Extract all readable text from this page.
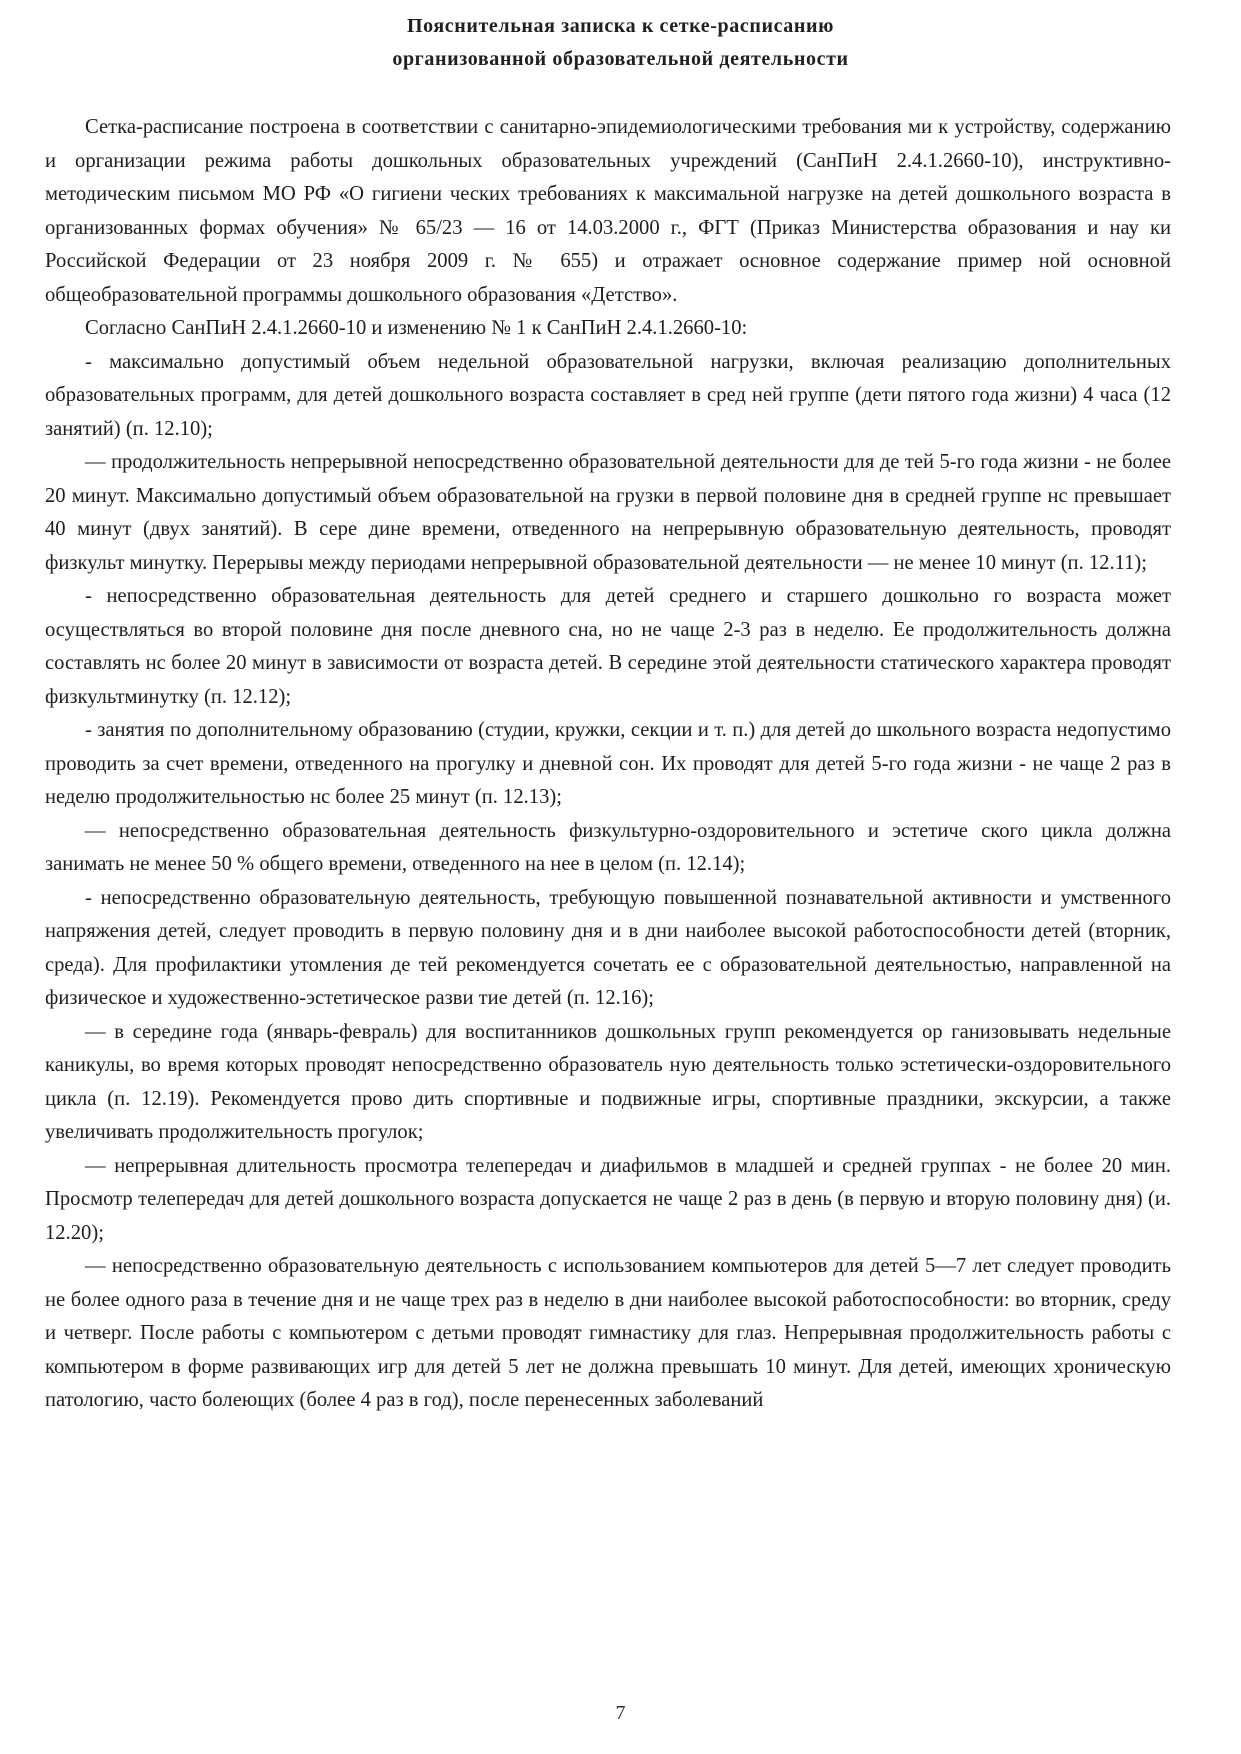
Пояснительная записка к сетке-расписанию
организованной образовательной деятельности

Сетка-расписание построена в соответствии с санитарно-эпидемиологическими требования ми к устройству, содержанию и организации режима работы дошкольных образовательных учреждений (СанПиН 2.4.1.2660-10), инструктивно-методическим письмом МО РФ «О гигиени ческих требованиях к максимальной нагрузке на детей дошкольного возраста в организованных формах обучения» № 65/23 — 16 от 14.03.2000 г., ФГТ (Приказ Министерства образования и нау ки Российской Федерации от 23 ноября 2009 г. № 655) и отражает основное содержание пример ной основной общеобразовательной программы дошкольного образования «Детство».

Согласно СанПиН 2.4.1.2660-10 и изменению № 1 к СанПиН 2.4.1.2660-10:

- максимально допустимый объем недельной образовательной нагрузки, включая реализацию дополнительных образовательных программ, для детей дошкольного возраста составляет в сред ней группе (дети пятого года жизни) 4 часа (12 занятий) (п. 12.10);

— продолжительность непрерывной непосредственно образовательной деятельности для де тей 5-го года жизни - не более 20 минут. Максимально допустимый объем образовательной на грузки в первой половине дня в средней группе нс превышает 40 минут (двух занятий). В сере дине времени, отведенного на непрерывную образовательную деятельность, проводят физкульт минутку. Перерывы между периодами непрерывной образовательной деятельности — не менее 10 минут (п. 12.11);

- непосредственно образовательная деятельность для детей среднего и старшего дошкольно го возраста может осуществляться во второй половине дня после дневного сна, но не чаще 2-3 раз в неделю. Ее продолжительность должна составлять нс более 20 минут в зависимости от возраста детей. В середине этой деятельности статического характера проводят физкультминутку (п. 12.12);

- занятия по дополнительному образованию (студии, кружки, секции и т. п.) для детей до школьного возраста недопустимо проводить за счет времени, отведенного на прогулку и дневной сон. Их проводят для детей 5-го года жизни - не чаще 2 раз в неделю продолжительностью нс более 25 минут (п. 12.13);

— непосредственно образовательная деятельность физкультурно-оздоровительного и эстетиче ского цикла должна занимать не менее 50 % общего времени, отведенного на нее в целом (п. 12.14);

- непосредственно образовательную деятельность, требующую повышенной познавательной активности и умственного напряжения детей, следует проводить в первую половину дня и в дни наиболее высокой работоспособности детей (вторник, среда). Для профилактики утомления де тей рекомендуется сочетать ее с образовательной деятельностью, направленной на физическое и художественно-эстетическое разви тие детей (п. 12.16);

— в середине года (январь-февраль) для воспитанников дошкольных групп рекомендуется ор ганизовывать недельные каникулы, во время которых проводят непосредственно образователь ную деятельность только эстетически-оздоровительного цикла (п. 12.19). Рекомендуется прово дить спортивные и подвижные игры, спортивные праздники, экскурсии, а также увеличивать продолжительность прогулок;

— непрерывная длительность просмотра телепередач и диафильмов в младшей и средней группах - не более 20 мин. Просмотр телепередач для детей дошкольного возраста допускается не чаще 2 раз в день (в первую и вторую половину дня) (и. 12.20);

— непосредственно образовательную деятельность с использованием компьютеров для детей 5—7 лет следует проводить не более одного раза в течение дня и не чаще трех раз в неделю в дни наиболее высокой работоспособности: во вторник, среду и четверг. После работы с компьютером с детьми проводят гимнастику для глаз. Непрерывная продолжительность работы с компьютером в форме развивающих игр для детей 5 лет не должна превышать 10 минут. Для детей, имеющих хроническую патологию, часто болеющих (более 4 раз в год), после перенесенных заболеваний

7
